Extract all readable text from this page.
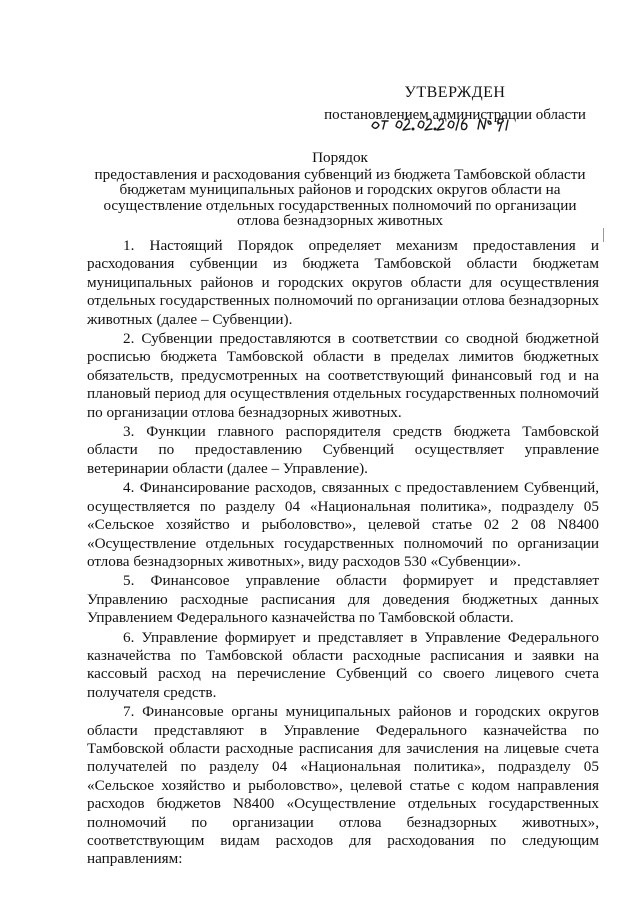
УТВЕРЖДЕН
постановлением администрации области
Порядок
предоставления и расходования субвенций из бюджета Тамбовской области
бюджетам муниципальных районов и городских округов области на
осуществление отдельных государственных полномочий по организации
отлова безнадзорных животных

1. Настоящий Порядок определяет механизм предоставления и расходования субвенции из бюджета Тамбовской области бюджетам муниципальных районов и городских округов области для осуществления отдельных государственных полномочий по организации отлова безнадзорных животных (далее – Субвенции).

2. Субвенции предоставляются в соответствии со сводной бюджетной росписью бюджета Тамбовской области в пределах лимитов бюджетных обязательств, предусмотренных на соответствующий финансовый год и на плановый период для осуществления отдельных государственных полномочий по организации отлова безнадзорных животных.

3. Функции главного распорядителя средств бюджета Тамбовской области по предоставлению Субвенций осуществляет управление ветеринарии области (далее – Управление).

4. Финансирование расходов, связанных с предоставлением Субвенций, осуществляется по разделу 04 «Национальная политика», подразделу 05 «Сельское хозяйство и рыболовство», целевой статье 02 2 08 N8400 «Осуществление отдельных государственных полномочий по организации отлова безнадзорных животных», виду расходов 530 «Субвенции».

5. Финансовое управление области формирует и представляет Управлению расходные расписания для доведения бюджетных данных Управлением Федерального казначейства по Тамбовской области.

6. Управление формирует и представляет в Управление Федерального казначейства по Тамбовской области расходные расписания и заявки на кассовый расход на перечисление Субвенций со своего лицевого счета получателя средств.

7. Финансовые органы муниципальных районов и городских округов области представляют в Управление Федерального казначейства по Тамбовской области расходные расписания для зачисления на лицевые счета получателей по разделу 04 «Национальная политика», подразделу 05 «Сельское хозяйство и рыболовство», целевой статье с кодом направления расходов бюджетов N8400 «Осуществление отдельных государственных полномочий по организации отлова безнадзорных животных», соответствующим видам расходов для расходования по следующим направлениям:
